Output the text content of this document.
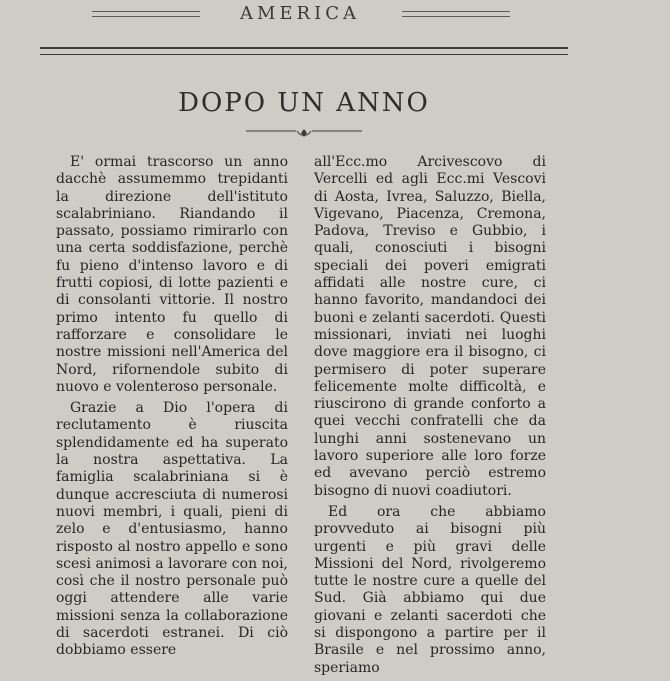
AMERICA
DOPO UN ANNO

E' ormai trascorso un anno dacchè assumemmo trepidanti la direzione dell'istituto scalabriniano. Riandando il passato, possiamo rimirarlo con una certa soddisfazione, perchè fu pieno d'intenso lavoro e di frutti copiosi, di lotte pazienti e di consolanti vittorie. Il nostro primo intento fu quello di rafforzare e consolidare le nostre missioni nell'America del Nord, rifornendole subito di nuovo e volenteroso personale.

Grazie a Dio l'opera di reclutamento è riuscita splendidamente ed ha superato la nostra aspettativa. La famiglia scalabriniana si è dunque accresciuta di numerosi nuovi membri, i quali, pieni di zelo e d'entusiasmo, hanno risposto al nostro appello e sono scesi animosi a lavorare con noi, così che il nostro personale può oggi attendere alle varie missioni senza la collaborazione di sacerdoti estranei. Di ciò dobbiamo essere

all'Ecc.mo Arcivescovo di Vercelli ed agli Ecc.mi Vescovi di Aosta, Ivrea, Saluzzo, Biella, Vigevano, Piacenza, Cremona, Padova, Treviso e Gubbio, i quali, conosciuti i bisogni speciali dei poveri emigrati affidati alle nostre cure, ci hanno favorito, mandandoci dei buoni e zelanti sacerdoti. Questi missionari, inviati nei luoghi dove maggiore era il bisogno, ci permisero di poter superare felicemente molte difficoltà, e riuscirono di grande conforto a quei vecchi confratelli che da lunghi anni sostenevano un lavoro superiore alle loro forze ed avevano perciò estremo bisogno di nuovi coadiutori.

Ed ora che abbiamo provveduto ai bisogni più urgenti e più gravi delle Missioni del Nord, rivolgeremo tutte le nostre cure a quelle del Sud. Già abbiamo qui due giovani e zelanti sacerdoti che si dispongono a partire per il Brasile e nel prossimo anno, speriamo
